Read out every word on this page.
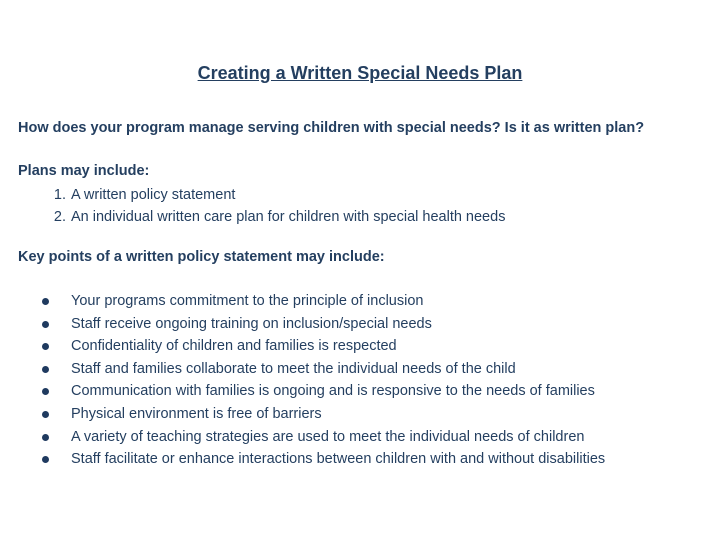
Creating a Written Special Needs Plan
How does your program manage serving children with special needs? Is it as written plan?
Plans may include:
1. A written policy statement
2. An individual written care plan for children with special health needs
Key points of a written policy statement may include:
Your programs commitment to the principle of inclusion
Staff receive ongoing training on inclusion/special needs
Confidentiality of children and families is respected
Staff and families collaborate to meet the individual needs of the child
Communication with families is ongoing and is responsive to the needs of families
Physical environment is free of barriers
A variety of teaching strategies are used to meet the individual needs of children
Staff facilitate or enhance interactions between children with and without disabilities
